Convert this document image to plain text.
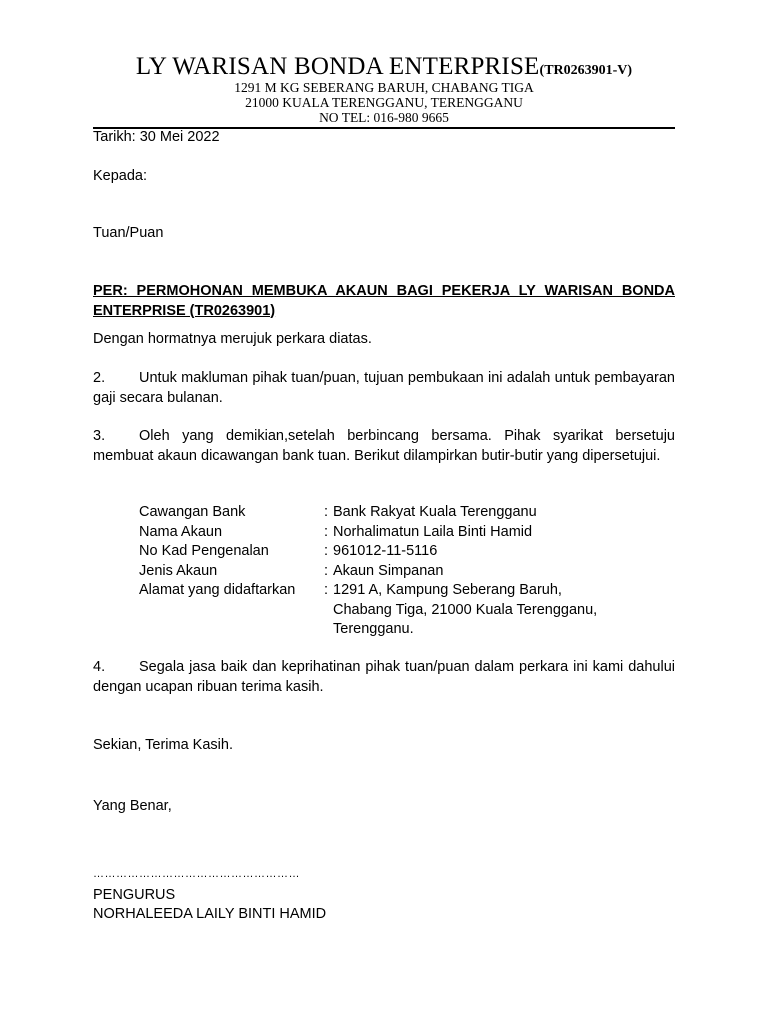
LY WARISAN BONDA ENTERPRISE(TR0263901-V)
1291 M KG SEBERANG BARUH, CHABANG TIGA
21000 KUALA TERENGGANU, TERENGGANU
NO TEL: 016-980 9665
Tarikh: 30 Mei 2022
Kepada:
Tuan/Puan
PER: PERMOHONAN MEMBUKA AKAUN BAGI PEKERJA LY WARISAN BONDA ENTERPRISE (TR0263901)
Dengan hormatnya merujuk perkara diatas.
2. Untuk makluman pihak tuan/puan, tujuan pembukaan ini adalah untuk pembayaran gaji secara bulanan.
3. Oleh yang demikian,setelah berbincang bersama. Pihak syarikat bersetuju membuat akaun dicawangan bank tuan. Berikut dilampirkan butir-butir yang dipersetujui.
Cawangan Bank	: Bank Rakyat Kuala Terengganu
Nama Akaun	: Norhalimatun Laila Binti Hamid
No Kad Pengenalan	: 961012-11-5116
Jenis Akaun	: Akaun Simpanan
Alamat yang didaftarkan	: 1291 A, Kampung Seberang Baruh,
Chabang Tiga, 21000 Kuala Terengganu,
Terengganu.
4. Segala jasa baik dan keprihatinan pihak tuan/puan dalam perkara ini kami dahului dengan ucapan ribuan terima kasih.
Sekian, Terima Kasih.
Yang Benar,
………………………………………………
PENGURUS
NORHALEEDA LAILY BINTI HAMID
